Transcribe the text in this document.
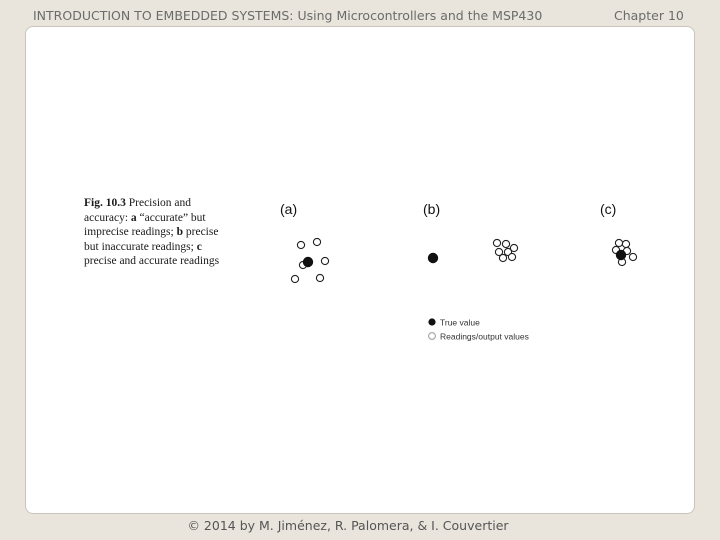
INTRODUCTION TO EMBEDDED SYSTEMS: Using Microcontrollers and the MSP430	Chapter 10
Fig. 10.3 Precision and
accuracy: a “accurate” but
imprecise readings; b precise
but inaccurate readings; c
precise and accurate readings
(a)	(b)	(c)
True value
Readings/output values
© 2014 by M. Jiménez, R. Palomera, & I. Couvertier
